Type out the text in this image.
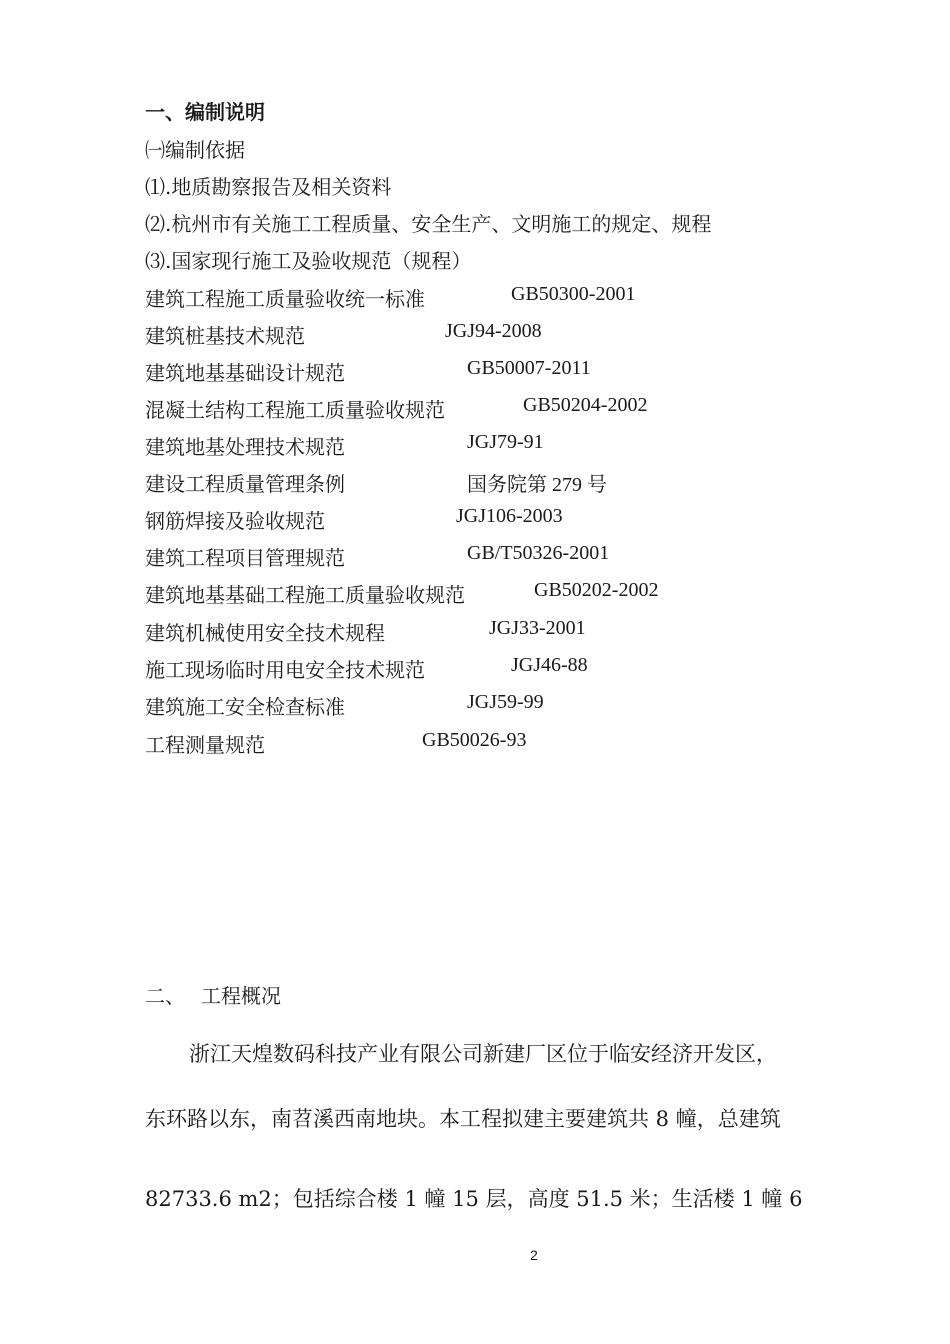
一、编制说明
㈠编制依据
⑴.地质勘察报告及相关资料
⑵.杭州市有关施工工程质量、安全生产、文明施工的规定、规程
⑶.国家现行施工及验收规范（规程）
建筑工程施工质量验收统一标准	GB50300-2001
建筑桩基技术规范	JGJ94-2008
建筑地基基础设计规范	GB50007-2011
混凝土结构工程施工质量验收规范	GB50204-2002
建筑地基处理技术规范	JGJ79-91
建设工程质量管理条例	国务院第 279 号
钢筋焊接及验收规范	JGJ106-2003
建筑工程项目管理规范	GB/T50326-2001
建筑地基基础工程施工质量验收规范	GB50202-2002
建筑机械使用安全技术规程	JGJ33-2001
施工现场临时用电安全技术规范	JGJ46-88
建筑施工安全检查标准	JGJ59-99
工程测量规范	GB50026-93
二、 工程概况
浙江天煌数码科技产业有限公司新建厂区位于临安经济开发区，
东环路以东，南苕溪西南地块。本工程拟建主要建筑共 8 幢，总建筑
82733.6 m2；包括综合楼 1 幢 15 层，高度 51.5 米；生活楼 1 幢 6
2
